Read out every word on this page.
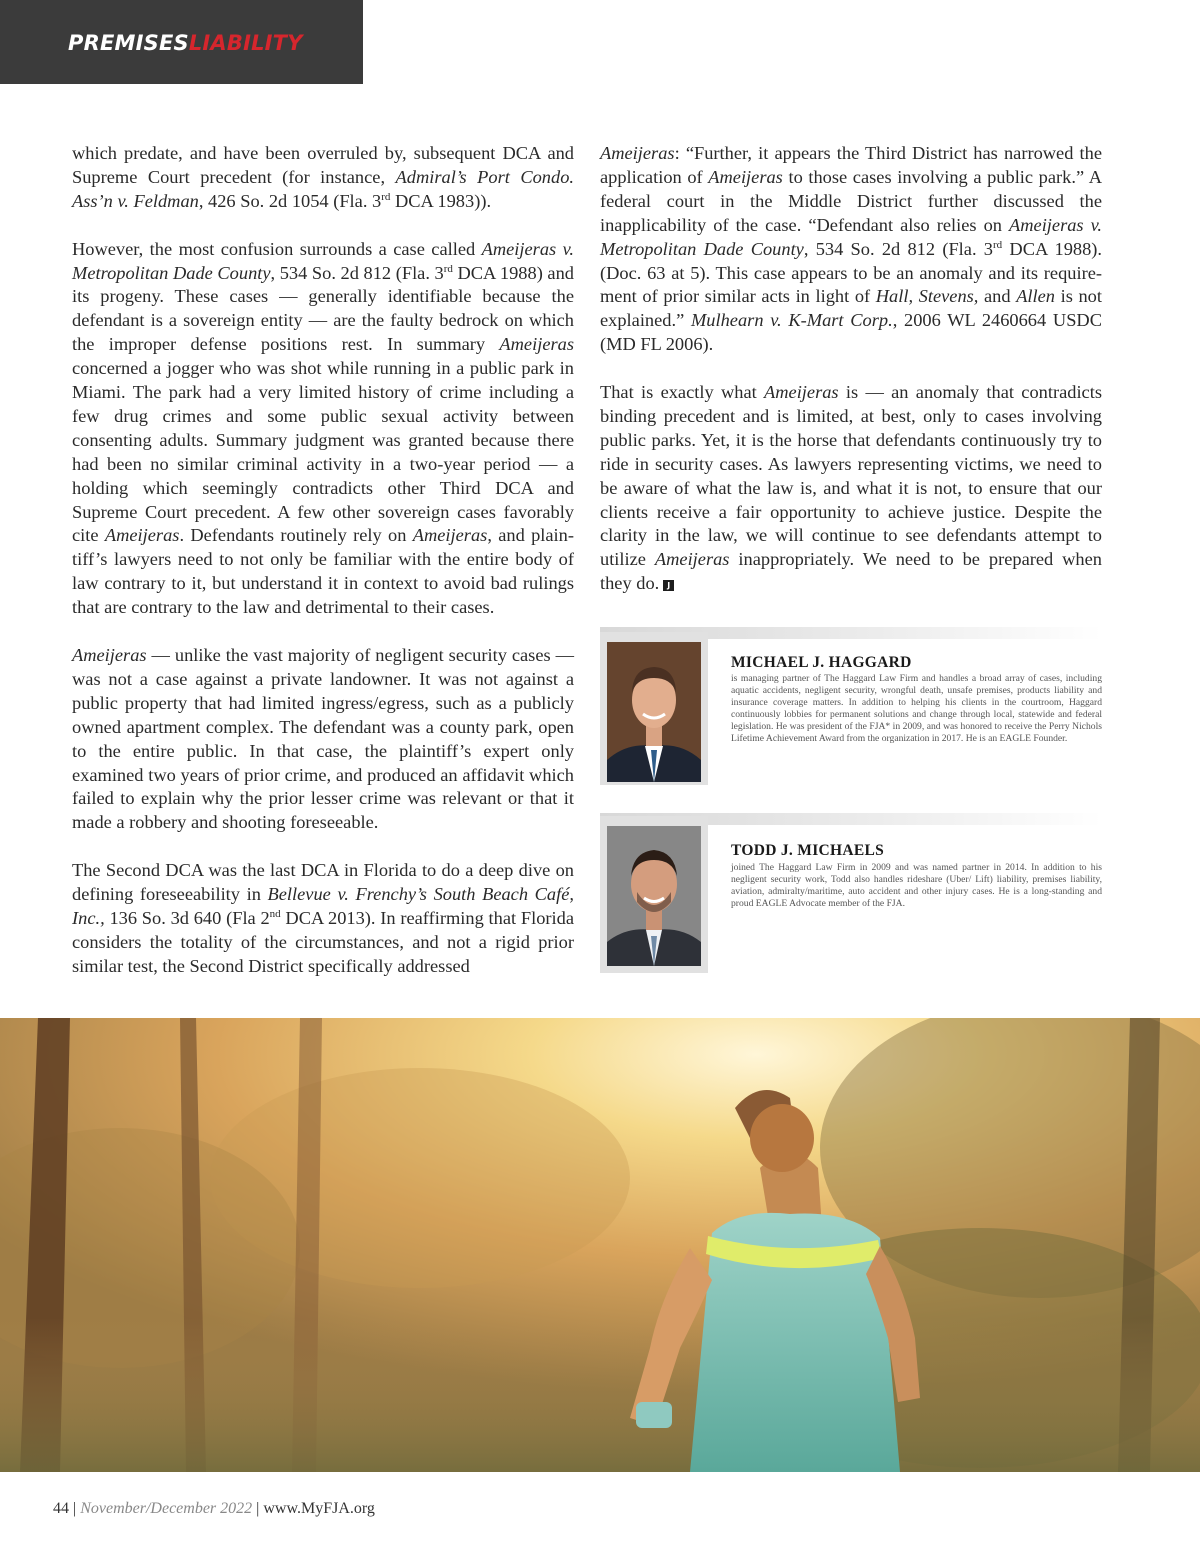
PREMISESLIABILITY

which predate, and have been overruled by, subsequent DCA and Supreme Court precedent (for instance, Admiral’s Port Condo. Ass’n v. Feldman, 426 So. 2d 1054 (Fla. 3rd DCA 1983)).

However, the most confusion surrounds a case called Ameijeras v. Metropolitan Dade County, 534 So. 2d 812 (Fla. 3rd DCA 1988) and its progeny. These cases — generally identifiable because the defendant is a sovereign entity — are the faulty bedrock on which the improper defense positions rest. In summary Ameijeras concerned a jogger who was shot while running in a public park in Miami. The park had a very limited history of crime including a few drug crimes and some public sexual activity between consenting adults. Summary judgment was granted because there had been no similar criminal activity in a two-year period — a holding which seemingly contradicts other Third DCA and Supreme Court precedent. A few other sovereign cases favorably cite Ameijeras. Defendants routinely rely on Ameijeras, and plaintiff’s lawyers need to not only be familiar with the entire body of law contrary to it, but understand it in context to avoid bad rulings that are contrary to the law and detrimental to their cases.

Ameijeras — unlike the vast majority of negligent security cases — was not a case against a private landowner. It was not against a public property that had limited ingress/egress, such as a publicly owned apartment complex. The defendant was a county park, open to the entire public. In that case, the plaintiff’s expert only examined two years of prior crime, and produced an affidavit which failed to explain why the prior lesser crime was relevant or that it made a robbery and shooting foreseeable.

The Second DCA was the last DCA in Florida to do a deep dive on defining foreseeability in Bellevue v. Frenchy’s South Beach Café, Inc., 136 So. 3d 640 (Fla 2nd DCA 2013). In reaffirming that Florida considers the totality of the circumstances, and not a rigid prior similar test, the Second District specifically addressed

Ameijeras: “Further, it appears the Third District has narrowed the application of Ameijeras to those cases involving a public park.” A federal court in the Middle District further discussed the inapplicability of the case. “Defendant also relies on Ameijeras v. Metropolitan Dade County, 534 So. 2d 812 (Fla. 3rd DCA 1988). (Doc. 63 at 5). This case appears to be an anomaly and its requirement of prior similar acts in light of Hall, Stevens, and Allen is not explained.” Mulhearn v. K-Mart Corp., 2006 WL 2460664 USDC (MD FL 2006).

That is exactly what Ameijeras is — an anomaly that contradicts binding precedent and is limited, at best, only to cases involving public parks. Yet, it is the horse that defendants continuously try to ride in security cases. As lawyers representing victims, we need to be aware of what the law is, and what it is not, to ensure that our clients receive a fair opportunity to achieve justice. Despite the clarity in the law, we will continue to see defendants attempt to utilize Ameijeras inappropriately. We need to be prepared when they do. J

MICHAEL J. HAGGARD
is managing partner of The Haggard Law Firm and handles a broad array of cases, including aquatic accidents, negligent security, wrongful death, unsafe premises, products liability and insurance coverage matters. In addition to helping his clients in the courtroom, Haggard continuously lobbies for permanent solutions and change through local, statewide and federal legislation. He was president of the FJA* in 2009, and was honored to receive the Perry Nichols Lifetime Achievement Award from the organization in 2017. He is an EAGLE Founder.
TODD J. MICHAELS
joined The Haggard Law Firm in 2009 and was named partner in 2014. In addition to his negligent security work, Todd also handles rideshare (Uber/ Lift) liability, premises liability, aviation, admiralty/maritime, auto accident and other injury cases. He is a long-standing and proud EAGLE Advocate member of the FJA.
44 | November/December 2022 | www.MyFJA.org
